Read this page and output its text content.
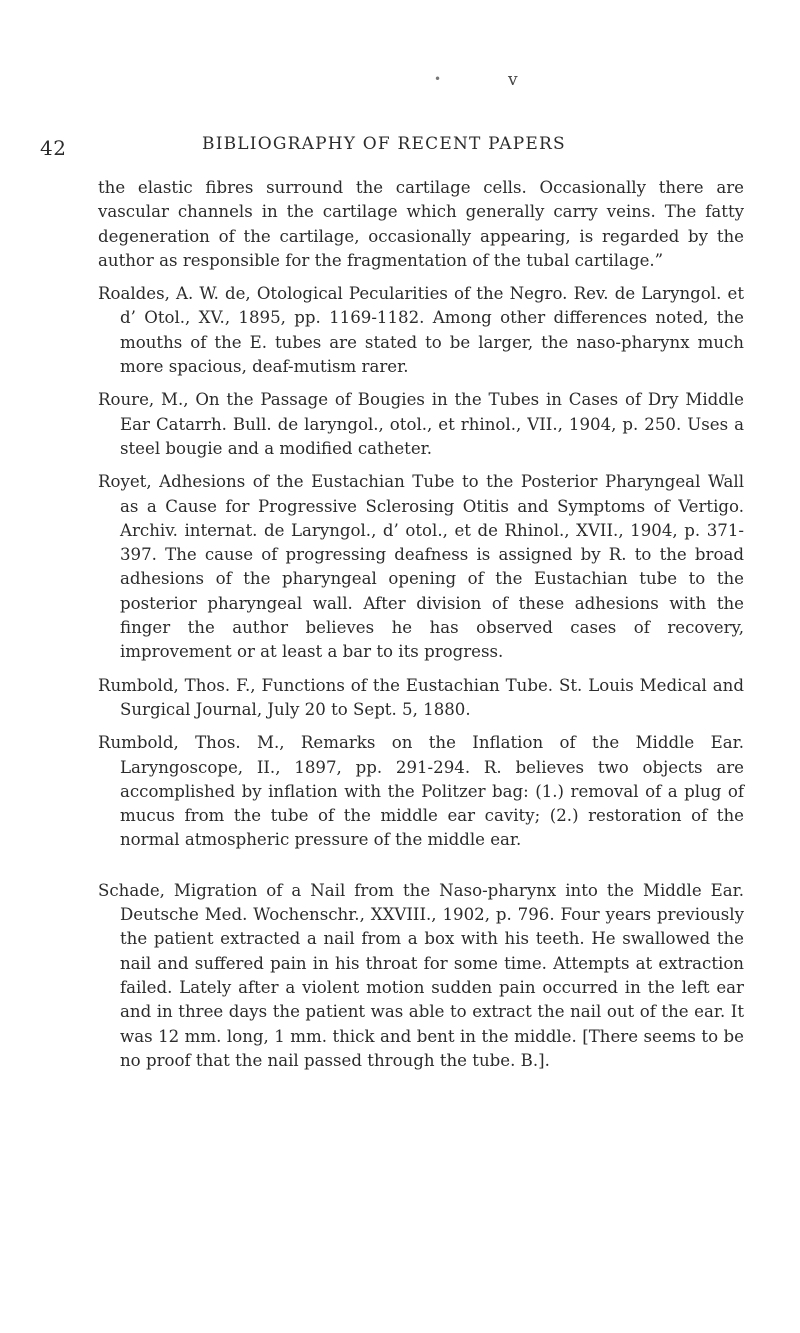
•	v
42	BIBLIOGRAPHY OF RECENT PAPERS

the elastic fibres surround the cartilage cells. Occasionally there are vascular channels in the cartilage which generally carry veins. The fatty degeneration of the cartilage, occasionally appearing, is regarded by the author as responsible for the fragmentation of the tubal cartilage.”

Roaldes, A. W. de, Otological Pecularities of the Negro. Rev. de Laryngol. et d’ Otol., XV., 1895, pp. 1169-1182. Among other differences noted, the mouths of the E. tubes are stated to be larger, the naso-pharynx much more spacious, deaf-mutism rarer.

Roure, M., On the Passage of Bougies in the Tubes in Cases of Dry Middle Ear Catarrh. Bull. de laryngol., otol., et rhinol., VII., 1904, p. 250. Uses a steel bougie and a modified catheter.

Royet, Adhesions of the Eustachian Tube to the Posterior Pharyngeal Wall as a Cause for Progressive Sclerosing Otitis and Symptoms of Vertigo. Archiv. internat. de Laryngol., d’ otol., et de Rhinol., XVII., 1904, p. 371-397. The cause of progressing deafness is assigned by R. to the broad adhesions of the pharyngeal opening of the Eustachian tube to the posterior pharyngeal wall. After division of these adhesions with the finger the author believes he has observed cases of recovery, improvement or at least a bar to its progress.

Rumbold, Thos. F., Functions of the Eustachian Tube. St. Louis Medical and Surgical Journal, July 20 to Sept. 5, 1880.

Rumbold, Thos. M., Remarks on the Inflation of the Middle Ear. Laryngoscope, II., 1897, pp. 291-294. R. believes two objects are accomplished by inflation with the Politzer bag: (1.) removal of a plug of mucus from the tube of the middle ear cavity; (2.) restoration of the normal atmospheric pressure of the middle ear.

Schade, Migration of a Nail from the Naso-pharynx into the Middle Ear. Deutsche Med. Wochenschr., XXVIII., 1902, p. 796. Four years previously the patient extracted a nail from a box with his teeth. He swallowed the nail and suffered pain in his throat for some time. Attempts at extraction failed. Lately after a violent motion sudden pain occurred in the left ear and in three days the patient was able to extract the nail out of the ear. It was 12 mm. long, 1 mm. thick and bent in the middle. [There seems to be no proof that the nail passed through the tube. B.].
